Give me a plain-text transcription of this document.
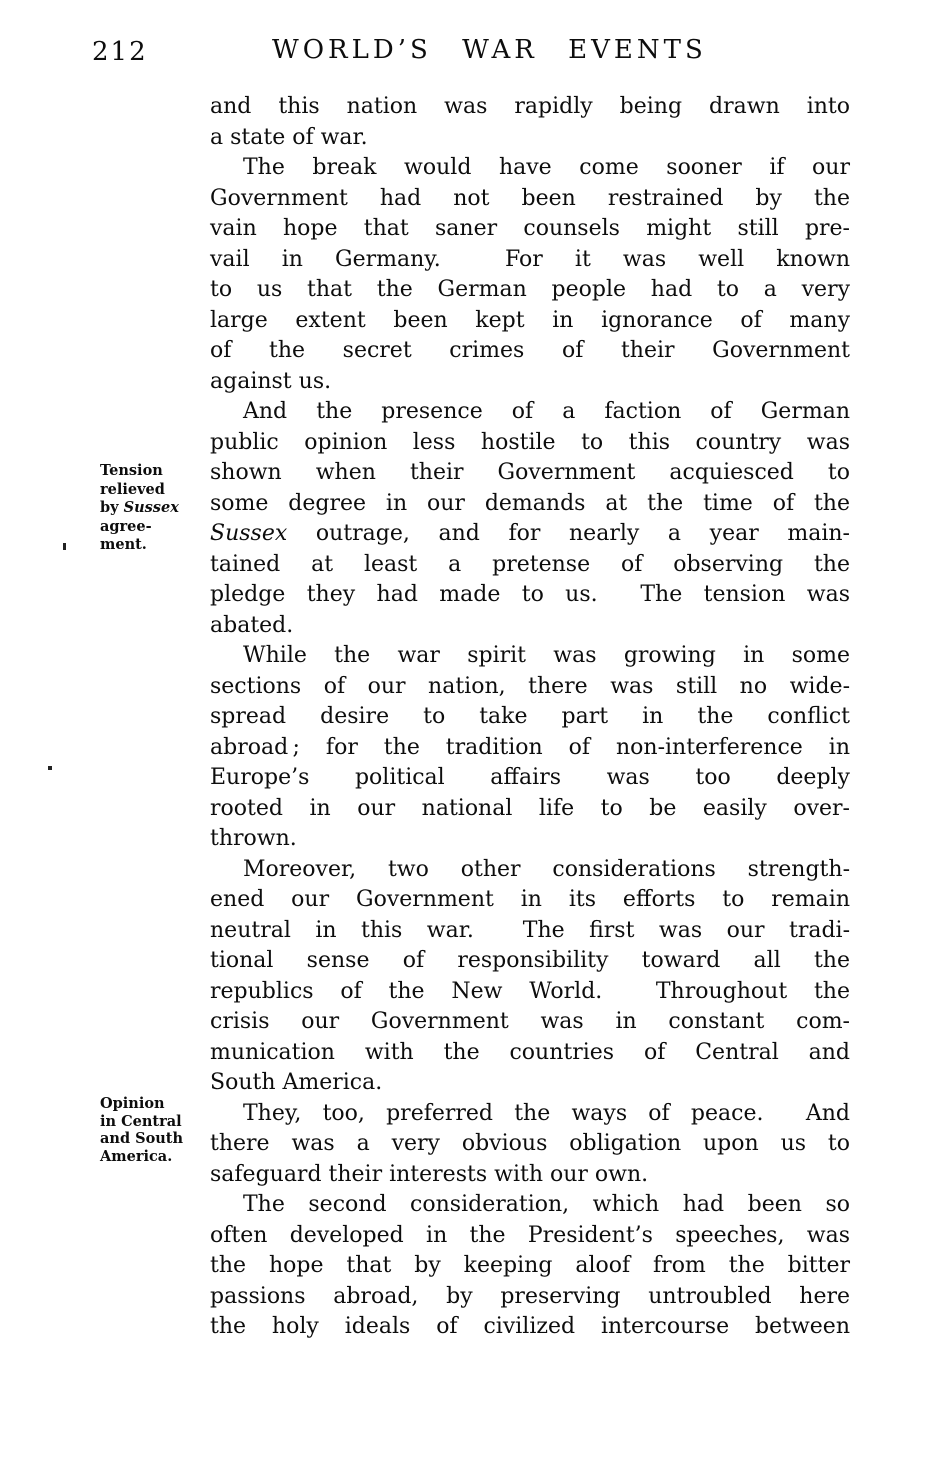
212	WORLD’S WAR EVENTS
Tension
relieved
by Sussex
agree-
ment.
Opinion
in Central
and South
America.
and this nation was rapidly being drawn into
a state of war.
The break would have come sooner if our
Government had not been restrained by the
vain hope that saner counsels might still pre-
vail in Germany.  For it was well known
to us that the German people had to a very
large extent been kept in ignorance of many
of the secret crimes of their Government
against us.
And the presence of a faction of German
public opinion less hostile to this country was
shown when their Government acquiesced to
some degree in our demands at the time of the
Sussex outrage, and for nearly a year main-
tained at least a pretense of observing the
pledge they had made to us.  The tension was
abated.
While the war spirit was growing in some
sections of our nation, there was still no wide-
spread desire to take part in the conflict
abroad ; for the tradition of non-interference in
Europe’s political affairs was too deeply
rooted in our national life to be easily over-
thrown.
Moreover, two other considerations strength-
ened our Government in its efforts to remain
neutral in this war.  The first was our tradi-
tional sense of responsibility toward all the
republics of the New World.  Throughout the
crisis our Government was in constant com-
munication with the countries of Central and
South America.
They, too, preferred the ways of peace.  And
there was a very obvious obligation upon us to
safeguard their interests with our own.
The second consideration, which had been so
often developed in the President’s speeches, was
the hope that by keeping aloof from the bitter
passions abroad, by preserving untroubled here
the holy ideals of civilized intercourse between
